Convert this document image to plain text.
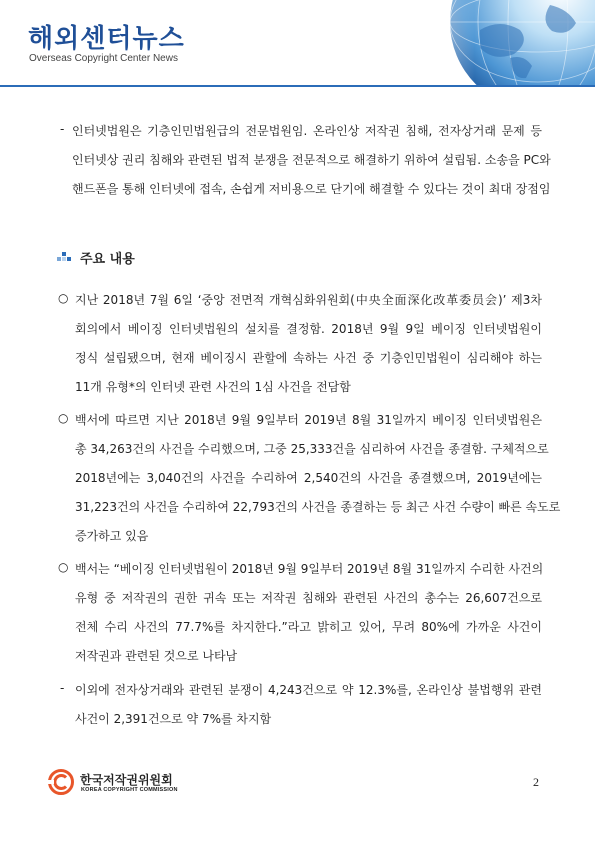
해외센터뉴스
Overseas Copyright Center News
- 인터넷법원은 기층인민법원급의 전문법원임. 온라인상 저작권 침해, 전자상거래 문제 등
인터넷상 권리 침해와 관련된 법적 분쟁을 전문적으로 해결하기 위하여 설립됨. 소송을 PC와
핸드폰을 통해 인터넷에 접속, 손쉽게 저비용으로 단기에 해결할 수 있다는 것이 최대 장점임
주요 내용
○ 지난 2018년 7월 6일 ‘중앙 전면적 개혁심화위원회(中央全面深化改革委员会)’ 제3차
회의에서 베이징 인터넷법원의 설치를 결정함. 2018년 9월 9일 베이징 인터넷법원이
정식 설립됐으며, 현재 베이징시 관할에 속하는 사건 중 기층인민법원이 심리해야 하는
11개 유형*의 인터넷 관련 사건의 1심 사건을 전담함
○ 백서에 따르면 지난 2018년 9월 9일부터 2019년 8월 31일까지 베이징 인터넷법원은
총 34,263건의 사건을 수리했으며, 그중 25,333건을 심리하여 사건을 종결함. 구체적으로
2018년에는 3,040건의 사건을 수리하여 2,540건의 사건을 종결했으며, 2019년에는
31,223건의 사건을 수리하여 22,793건의 사건을 종결하는 등 최근 사건 수량이 빠른 속도로
증가하고 있음
○ 백서는 “베이징 인터넷법원이 2018년 9월 9일부터 2019년 8월 31일까지 수리한 사건의
유형 중 저작권의 권한 귀속 또는 저작권 침해와 관련된 사건의 총수는 26,607건으로
전체 수리 사건의 77.7%를 차지한다.”라고 밝히고 있어, 무려 80%에 가까운 사건이
저작권과 관련된 것으로 나타남
- 이외에 전자상거래와 관련된 분쟁이 4,243건으로 약 12.3%를, 온라인상 불법행위 관련
사건이 2,391건으로 약 7%를 차지함
한국저작권위원회
KOREA COPYRIGHT COMMISSION
2
